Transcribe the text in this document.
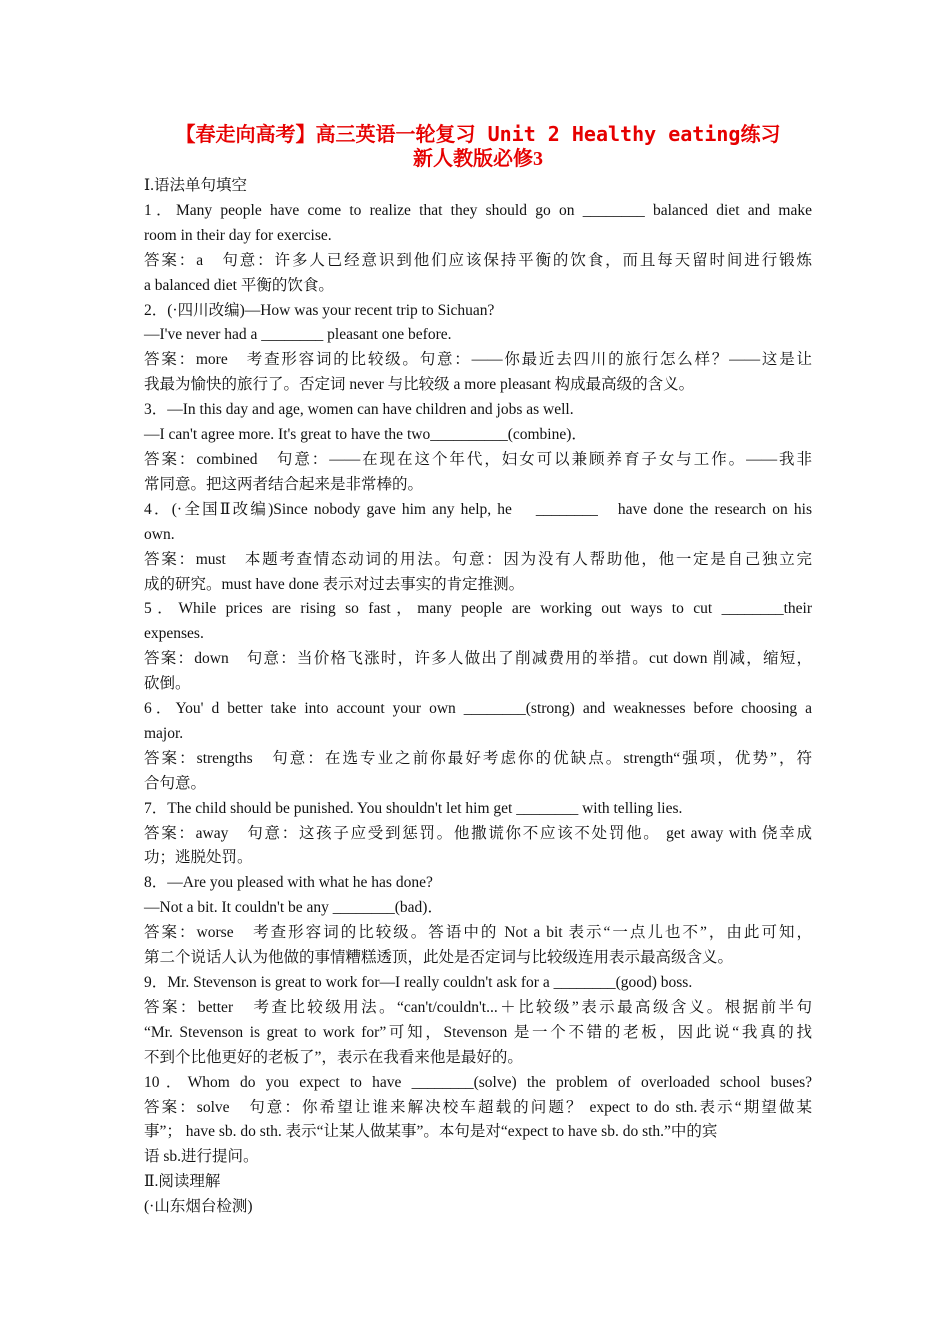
【春走向高考】高三英语一轮复习 Unit 2 Healthy eating练习
新人教版必修3
Ⅰ.语法单句填空
1．Many people have come to realize that they should go on ________ balanced diet and make
room in their day for exercise.
答案：a　句意：许多人已经意识到他们应该保持平衡的饮食，而且每天留时间进行锻炼
a balanced diet 平衡的饮食。
2．(·四川改编)—How was your recent trip to Sichuan?
—I've never had a ________ pleasant one before.
答案：more　考查形容词的比较级。句意：——你最近去四川的旅行怎么样？——这是让
我最为愉快的旅行了。否定词 never 与比较级 a more pleasant 构成最高级的含义。
3．—In this day and age, women can have children and jobs as well.
—I can't agree more. It's great to have the two__________(combine)．
答案：combined　句意：——在现在这个年代，妇女可以兼顾养育子女与工作。——我非
常同意。把这两者结合起来是非常棒的。
4．(·全国Ⅱ改编)Since nobody gave him any help, he 　________　have done the research on his
own.
答案：must　本题考查情态动词的用法。句意：因为没有人帮助他，他一定是自己独立完
成的研究。must have done 表示对过去事实的肯定推测。
5．While prices are rising so fast，many people are working out ways to cut ________their
expenses.
答案：down　句意：当价格飞涨时，许多人做出了削减费用的举措。cut down 削减，缩短，
砍倒。
6．You' d better take into account your own ________(strong) and weaknesses before choosing a
major.
答案：strengths　句意：在选专业之前你最好考虑你的优缺点。strength“强项，优势”，符
合句意。
7．The child should be punished. You shouldn't let him get ________ with telling lies.
答案：away　句意：这孩子应受到惩罚。他撒谎你不应该不处罚他。 get away with 侥幸成
功；逃脱处罚。
8．—Are you pleased with what he has done?
—Not a bit. It couldn't be any ________(bad)．
答案：worse　考查形容词的比较级。答语中的 Not a bit 表示“一点儿也不”，由此可知，
第二个说话人认为他做的事情糟糕透顶，此处是否定词与比较级连用表示最高级含义。
9．Mr. Stevenson is great to work for—I really couldn't ask for a ________(good) boss.
答案：better　考查比较级用法。“can't/couldn't...＋比较级”表示最高级含义。根据前半句
“Mr. Stevenson is great to work for”可知，Stevenson 是一个不错的老板，因此说“我真的找
不到个比他更好的老板了”，表示在我看来他是最好的。
10．Whom do you expect to have ________(solve) the problem of overloaded school buses?
答案：solve　句意：你希望让谁来解决校车超载的问题？ expect to do sth.表示“期望做某
事”； have sb. do sth. 表示“让某人做某事”。本句是对“expect to have sb. do sth.”中的宾
语 sb.进行提问。
Ⅱ.阅读理解
(·山东烟台检测)
